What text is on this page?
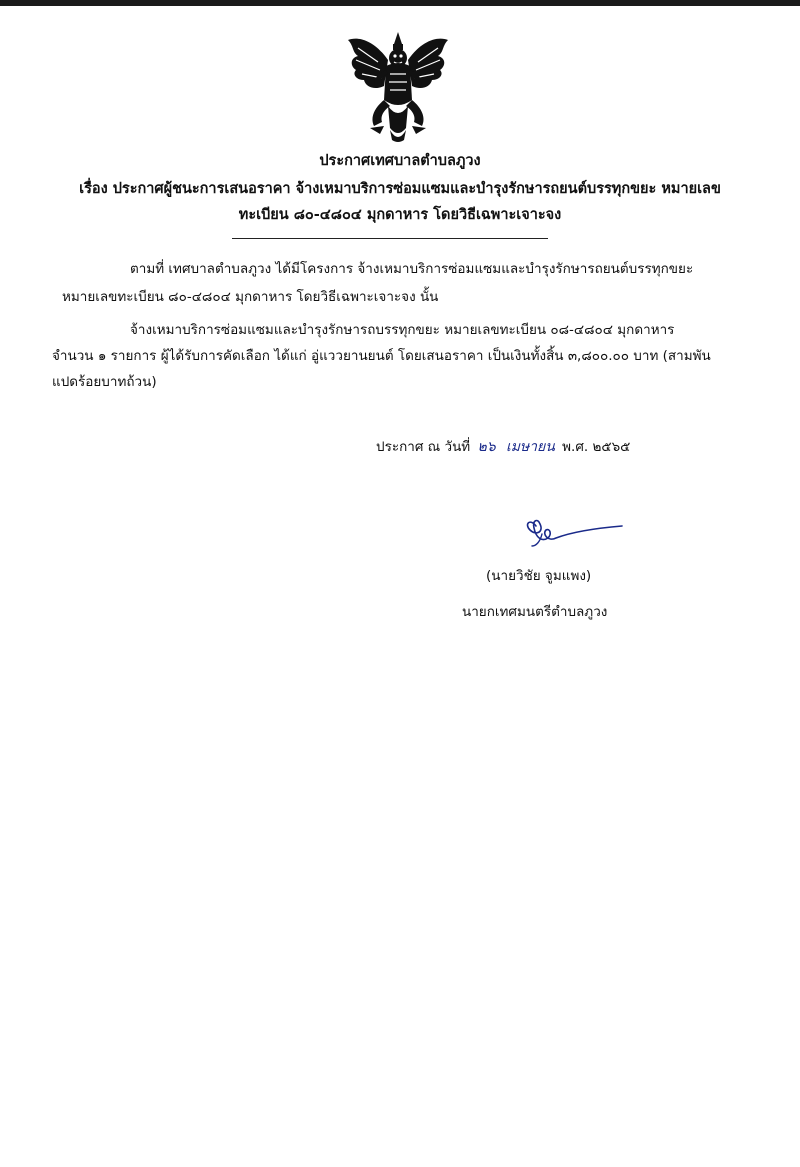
ประกาศเทศบาลตำบลภูวง
เรื่อง ประกาศผู้ชนะการเสนอราคา จ้างเหมาบริการซ่อมแซมและบำรุงรักษารถยนต์บรรทุกขยะ หมายเลข
ทะเบียน ๘๐-๔๘๐๔ มุกดาหาร โดยวิธีเฉพาะเจาะจง
ตามที่ เทศบาลตำบลภูวง ได้มีโครงการ จ้างเหมาบริการซ่อมแซมและบำรุงรักษารถยนต์บรรทุกขยะ
หมายเลขทะเบียน ๘๐-๔๘๐๔ มุกดาหาร โดยวิธีเฉพาะเจาะจง นั้น
จ้างเหมาบริการซ่อมแซมและบำรุงรักษารถบรรทุกขยะ หมายเลขทะเบียน ๐๘-๔๘๐๔ มุกดาหาร
จำนวน ๑ รายการ ผู้ได้รับการคัดเลือก ได้แก่ อู่แววยานยนต์ โดยเสนอราคา เป็นเงินทั้งสิ้น ๓,๘๐๐.๐๐ บาท (สามพัน
แปดร้อยบาทถ้วน)
ประกาศ ณ วันที่ ๒๖ เมษายน พ.ศ. ๒๕๖๕
(นายวิชัย จูมแพง)
นายกเทศมนตรีตำบลภูวง
